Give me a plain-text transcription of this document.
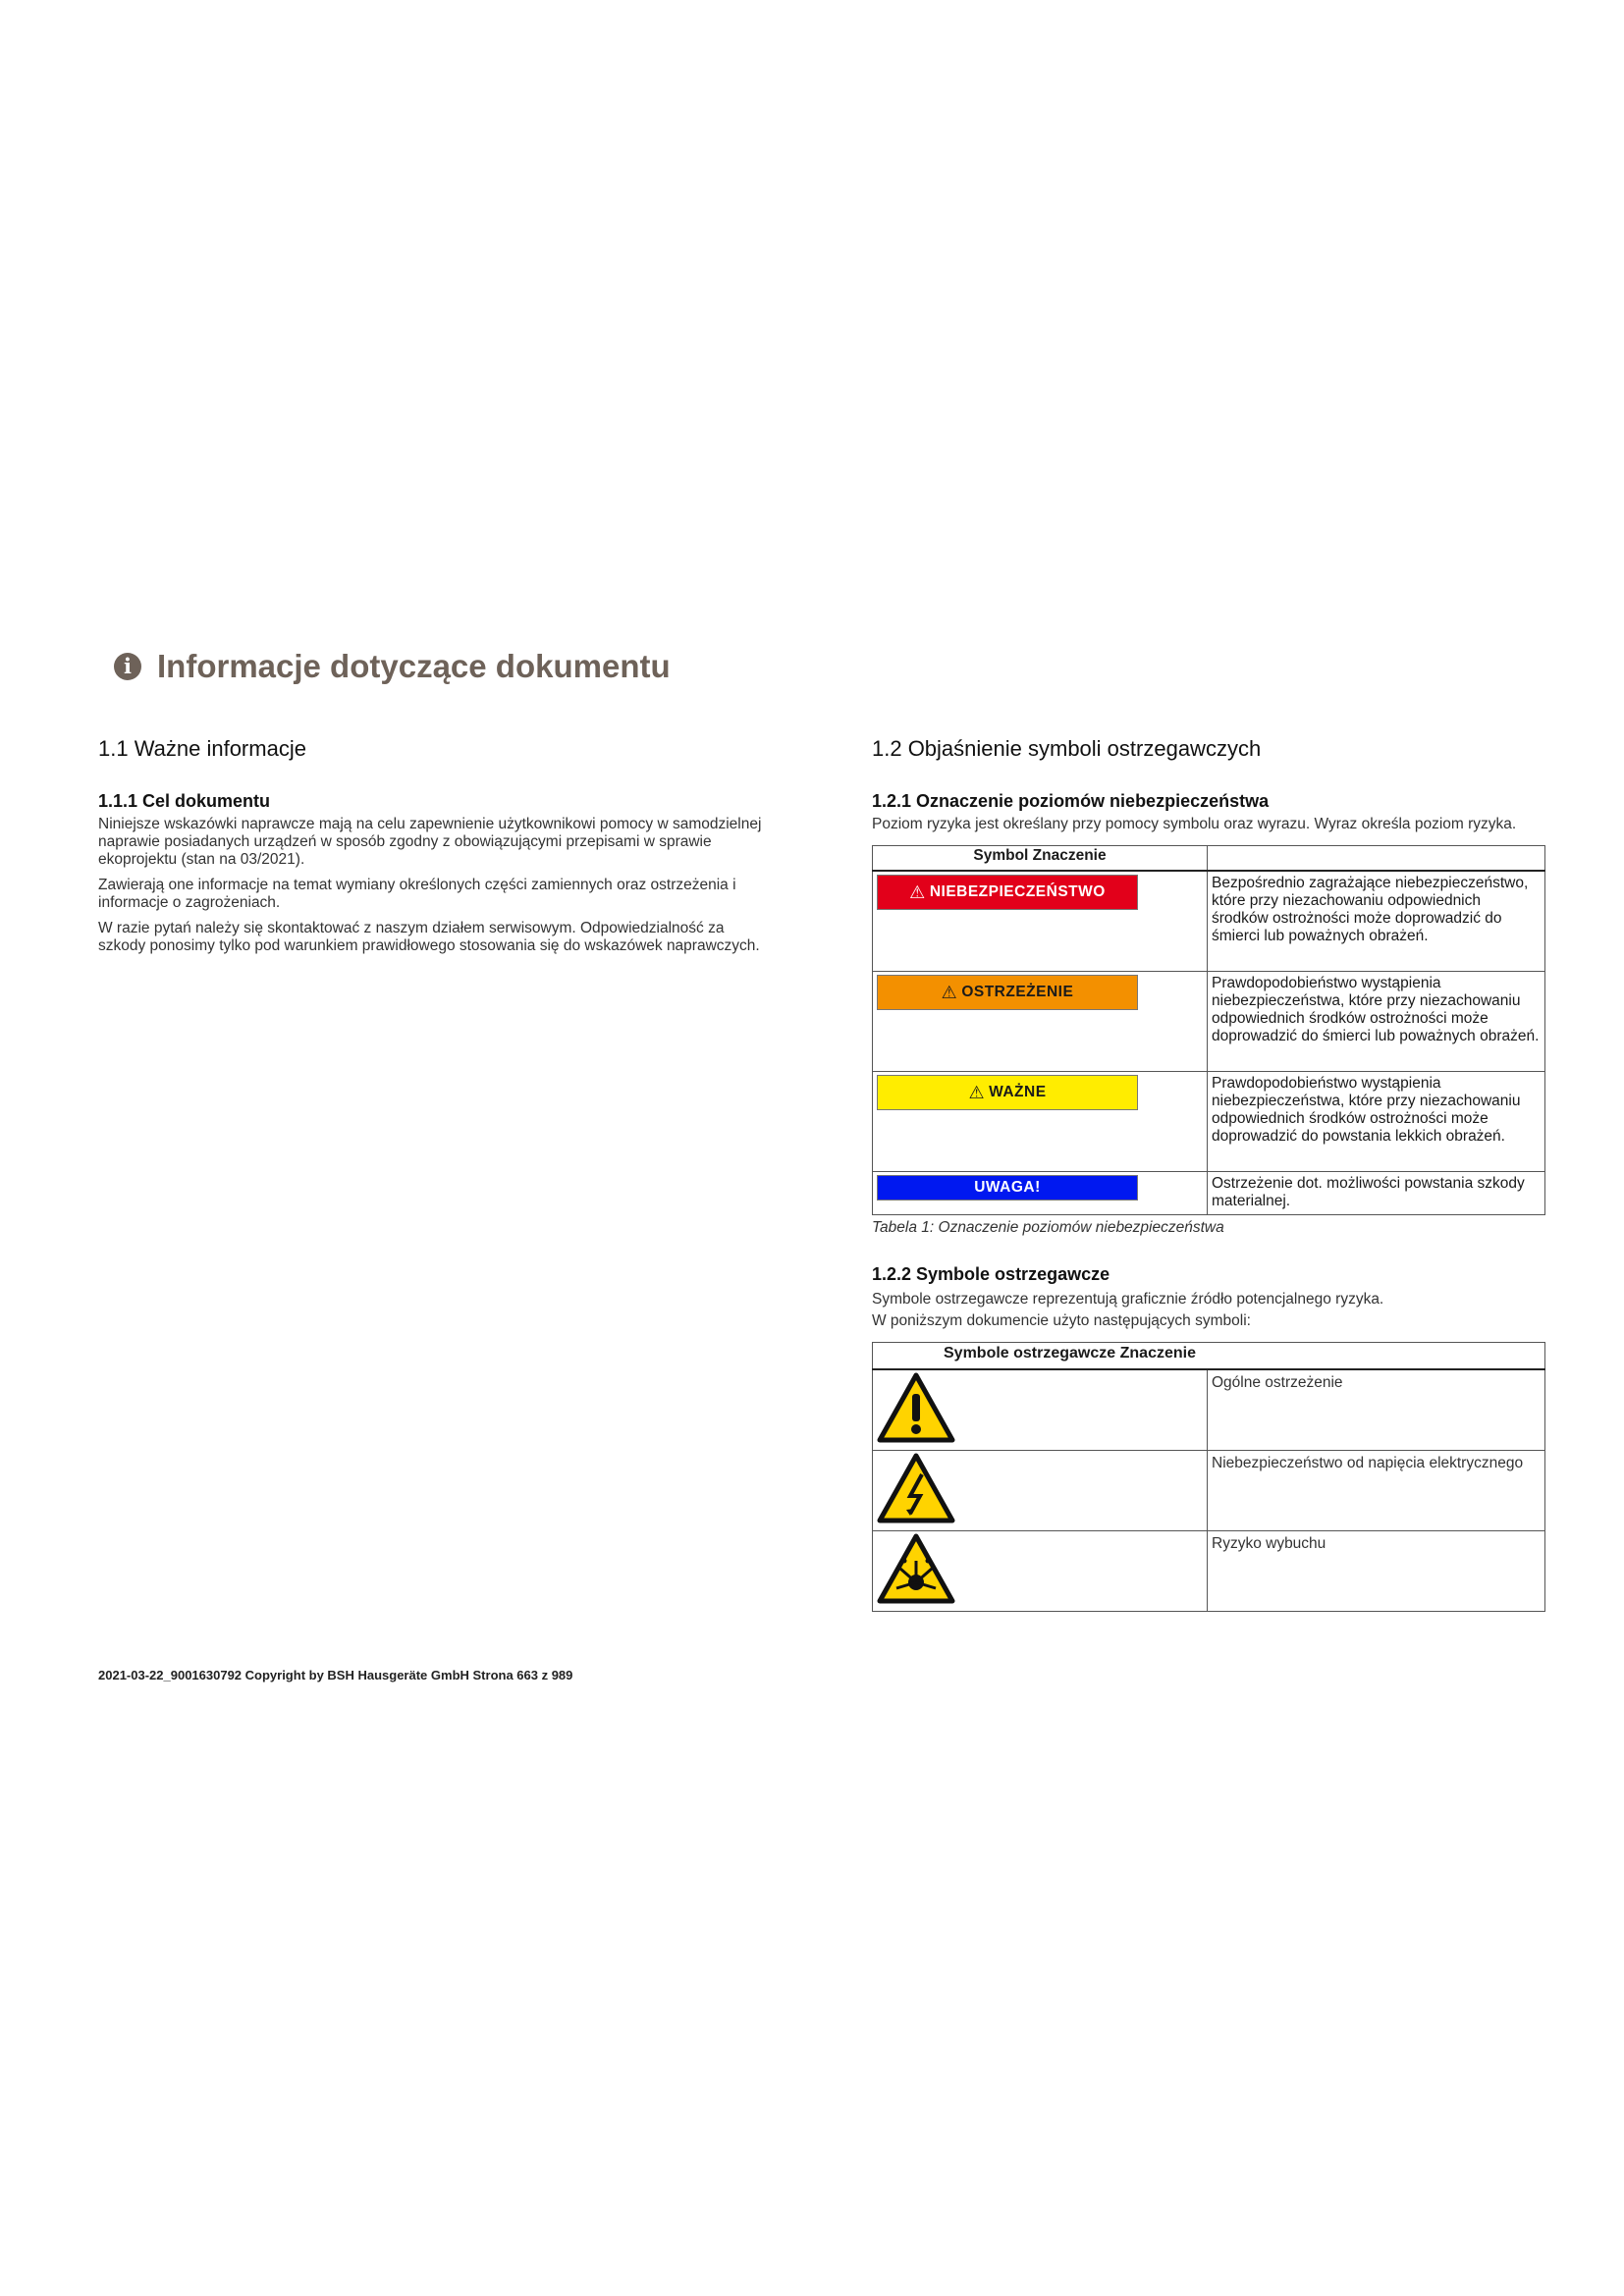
i Informacje dotyczące dokumentu
1.1 Ważne informacje
1.1.1 Cel dokumentu

Niniejsze wskazówki naprawcze mają na celu zapewnienie użytkownikowi pomocy w samodzielnej naprawie posiadanych urządzeń w sposób zgodny z obowiązującymi przepisami w sprawie ekoprojektu (stan na 03/2021).

Zawierają one informacje na temat wymiany określonych części zamiennych oraz ostrzeżenia i informacje o zagrożeniach.

W razie pytań należy się skontaktować z naszym działem serwisowym. Odpowiedzialność za szkody ponosimy tylko pod warunkiem prawidłowego stosowania się do wskazówek naprawczych.

1.2 Objaśnienie symboli ostrzegawczych
1.2.1 Oznaczenie poziomów niebezpieczeństwa

Poziom ryzyka jest określany przy pomocy symbolu oraz wyrazu. Wyraz określa poziom ryzyka.

Symbol Znaczenie	

⚠ NIEBEZPIECZEŃSTWO	Bezpośrednio zagrażające niebezpieczeństwo, które przy niezachowaniu odpowiednich środków ostrożności może doprowadzić do śmierci lub poważnych obrażeń.

⚠ OSTRZEŻENIE	Prawdopodobieństwo wystąpienia niebezpieczeństwa, które przy niezachowaniu odpowiednich środków ostrożności może doprowadzić do śmierci lub poważnych obrażeń.

⚠ WAŻNE	Prawdopodobieństwo wystąpienia niebezpieczeństwa, które przy niezachowaniu odpowiednich środków ostrożności może doprowadzić do powstania lekkich obrażeń.

UWAGA!	Ostrzeżenie dot. możliwości powstania szkody materialnej.
Tabela 1: Oznaczenie poziomów niebezpieczeństwa
1.2.2 Symbole ostrzegawcze

Symbole ostrzegawcze reprezentują graficznie źródło potencjalnego ryzyka.

W poniższym dokumencie użyto następujących symboli:

Symbole ostrzegawcze Znaczenie	
	Ogólne ostrzeżenie
	Niebezpieczeństwo od napięcia elektrycznego
	Ryzyko wybuchu
2021-03-22_9001630792 Copyright by BSH Hausgeräte GmbH Strona 663 z 989
